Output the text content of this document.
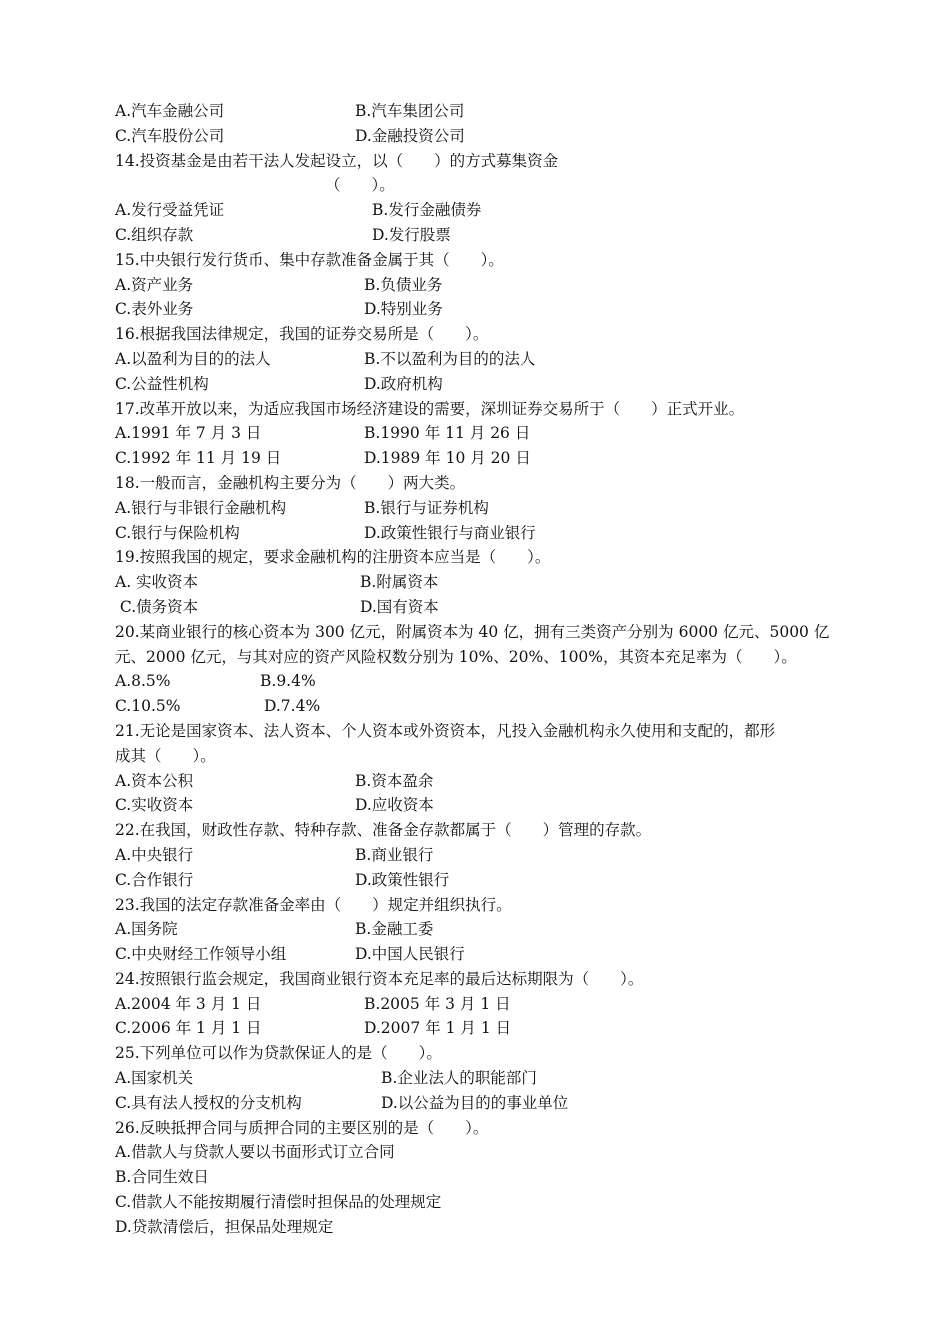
A.汽车金融公司	B.汽车集团公司
C.汽车股份公司	D.金融投资公司
14.投资基金是由若干法人发起设立，以（　　）的方式募集资金
（　　）。
A.发行受益凭证	B.发行金融债券
C.组织存款	D.发行股票
15.中央银行发行货币、集中存款准备金属于其（　　）。
A.资产业务	B.负债业务
C.表外业务	D.特别业务
16.根据我国法律规定，我国的证券交易所是（　　）。
A.以盈利为目的的法人	B.不以盈利为目的的法人
C.公益性机构	D.政府机构
17.改革开放以来，为适应我国市场经济建设的需要，深圳证券交易所于（　　）正式开业。
A.1991 年 7 月 3 日	B.1990 年 11 月 26 日
C.1992 年 11 月 19 日	D.1989 年 10 月 20 日
18.一般而言，金融机构主要分为（　　）两大类。
A.银行与非银行金融机构	B.银行与证券机构
C.银行与保险机构	D.政策性银行与商业银行
19.按照我国的规定，要求金融机构的注册资本应当是（　　）。
A. 实收资本	B.附属资本
C.债务资本	D.国有资本
20.某商业银行的核心资本为 300 亿元，附属资本为 40 亿，拥有三类资产分别为 6000 亿元、5000 亿
元、2000 亿元，与其对应的资产风险权数分别为 10%、20%、100%，其资本充足率为（　　）。
A.8.5%	B.9.4%
C.10.5%	D.7.4%
21.无论是国家资本、法人资本、个人资本或外资资本，凡投入金融机构永久使用和支配的，都形
成其（　　）。
A.资本公积	B.资本盈余
C.实收资本	D.应收资本
22.在我国，财政性存款、特种存款、准备金存款都属于（　　）管理的存款。
A.中央银行	B.商业银行
C.合作银行	D.政策性银行
23.我国的法定存款准备金率由（　　）规定并组织执行。
A.国务院	B.金融工委
C.中央财经工作领导小组	D.中国人民银行
24.按照银行监会规定，我国商业银行资本充足率的最后达标期限为（　　）。
A.2004 年 3 月 1 日	B.2005 年 3 月 1 日
C.2006 年 1 月 1 日	D.2007 年 1 月 1 日
25.下列单位可以作为贷款保证人的是（　　）。
A.国家机关	B.企业法人的职能部门
C.具有法人授权的分支机构	D.以公益为目的的事业单位
26.反映抵押合同与质押合同的主要区别的是（　　）。
A.借款人与贷款人要以书面形式订立合同
B.合同生效日
C.借款人不能按期履行清偿时担保品的处理规定
D.贷款清偿后，担保品处理规定
